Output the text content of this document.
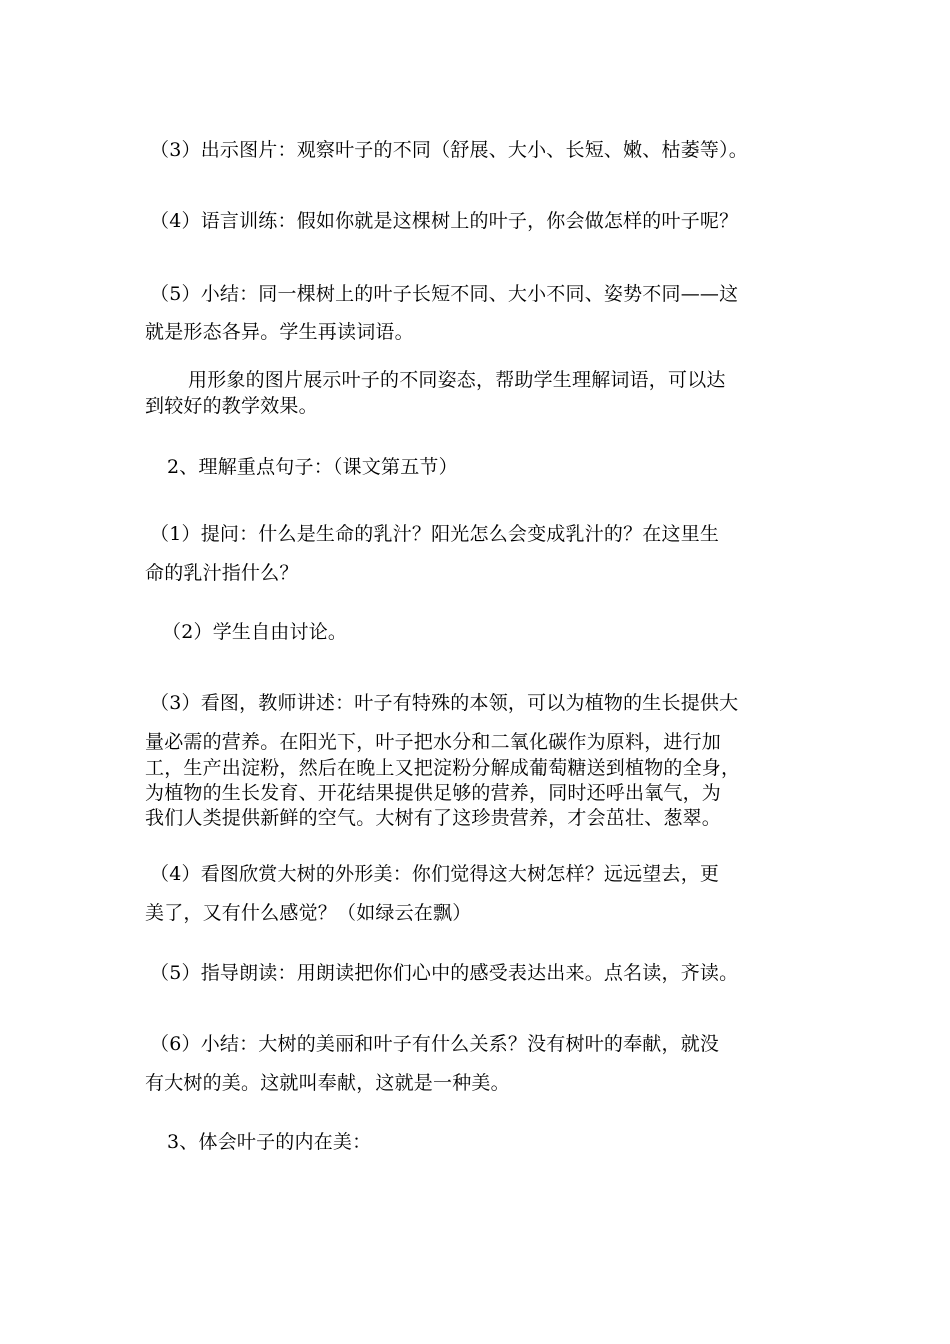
（3）出示图片：观察叶子的不同（舒展、大小、长短、嫩、枯萎等）。
（4）语言训练：假如你就是这棵树上的叶子，你会做怎样的叶子呢？
（5）小结：同一棵树上的叶子长短不同、大小不同、姿势不同——这
就是形态各异。学生再读词语。
用形象的图片展示叶子的不同姿态，帮助学生理解词语，可以达
到较好的教学效果。
2、理解重点句子：（课文第五节）
（1）提问：什么是生命的乳汁？阳光怎么会变成乳汁的？在这里生
命的乳汁指什么？
（2）学生自由讨论。
（3）看图，教师讲述：叶子有特殊的本领，可以为植物的生长提供大
量必需的营养。在阳光下，叶子把水分和二氧化碳作为原料，进行加
工，生产出淀粉，然后在晚上又把淀粉分解成葡萄糖送到植物的全身，
为植物的生长发育、开花结果提供足够的营养，同时还呼出氧气，为
我们人类提供新鲜的空气。大树有了这珍贵营养，才会茁壮、葱翠。
（4）看图欣赏大树的外形美：你们觉得这大树怎样？远远望去，更
美了，又有什么感觉？（如绿云在飘）
（5）指导朗读：用朗读把你们心中的感受表达出来。点名读，齐读。
（6）小结：大树的美丽和叶子有什么关系？没有树叶的奉献，就没
有大树的美。这就叫奉献，这就是一种美。
3、体会叶子的内在美：
